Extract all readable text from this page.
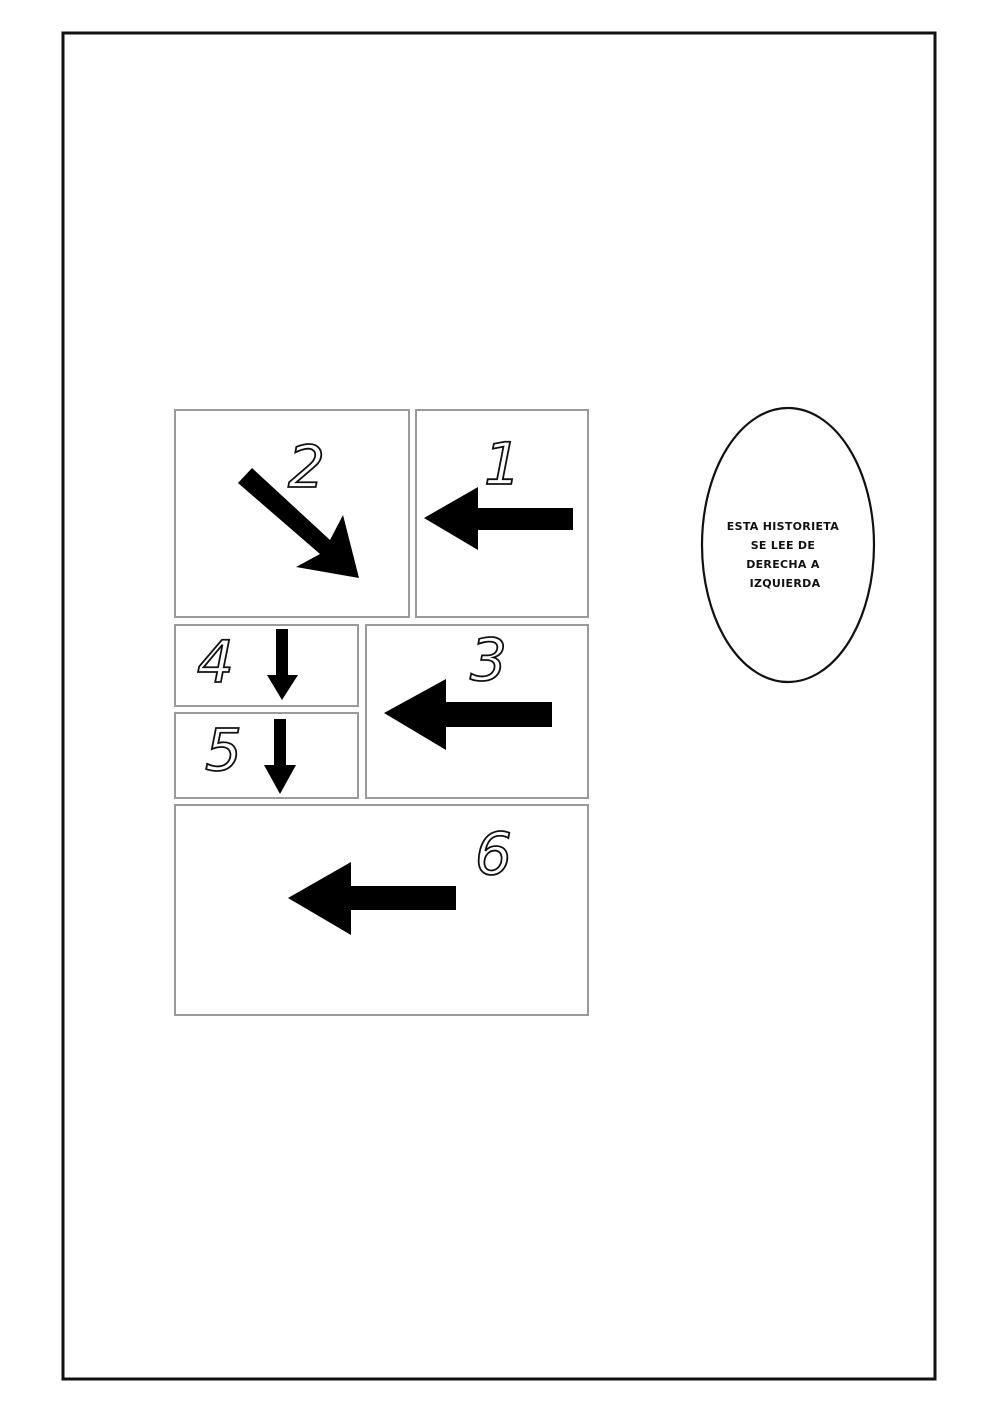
2	1
4
5
3
6
ESTA HISTORIETA SE LEE DE DERECHA A IZQUIERDA
